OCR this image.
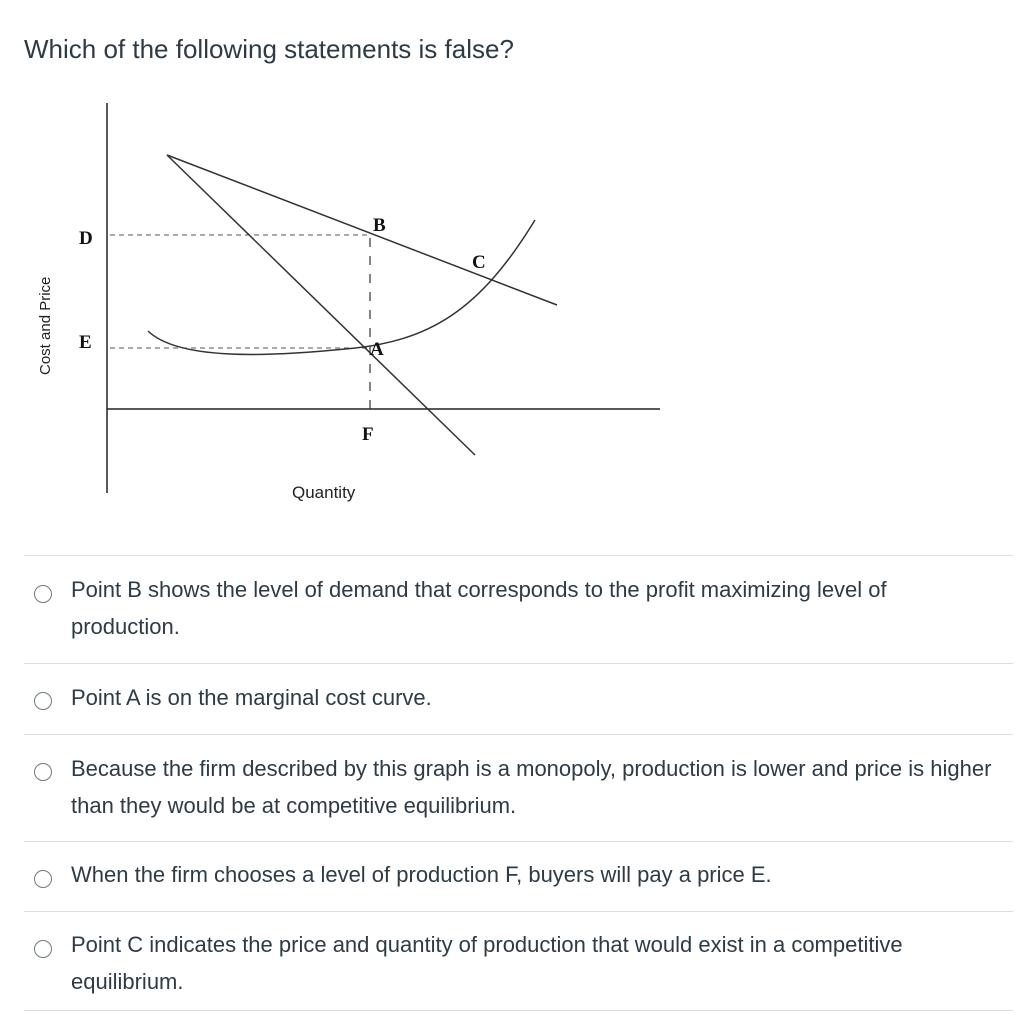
Which of the following statements is false?
D
E
B
C
A
F
Cost and Price
Quantity
Point B shows the level of demand that corresponds to the profit maximizing level of production.
Point A is on the marginal cost curve.
Because the firm described by this graph is a monopoly, production is lower and price is higher than they would be at competitive equilibrium.
When the firm chooses a level of production F, buyers will pay a price E.
Point C indicates the price and quantity of production that would exist in a competitive equilibrium.
